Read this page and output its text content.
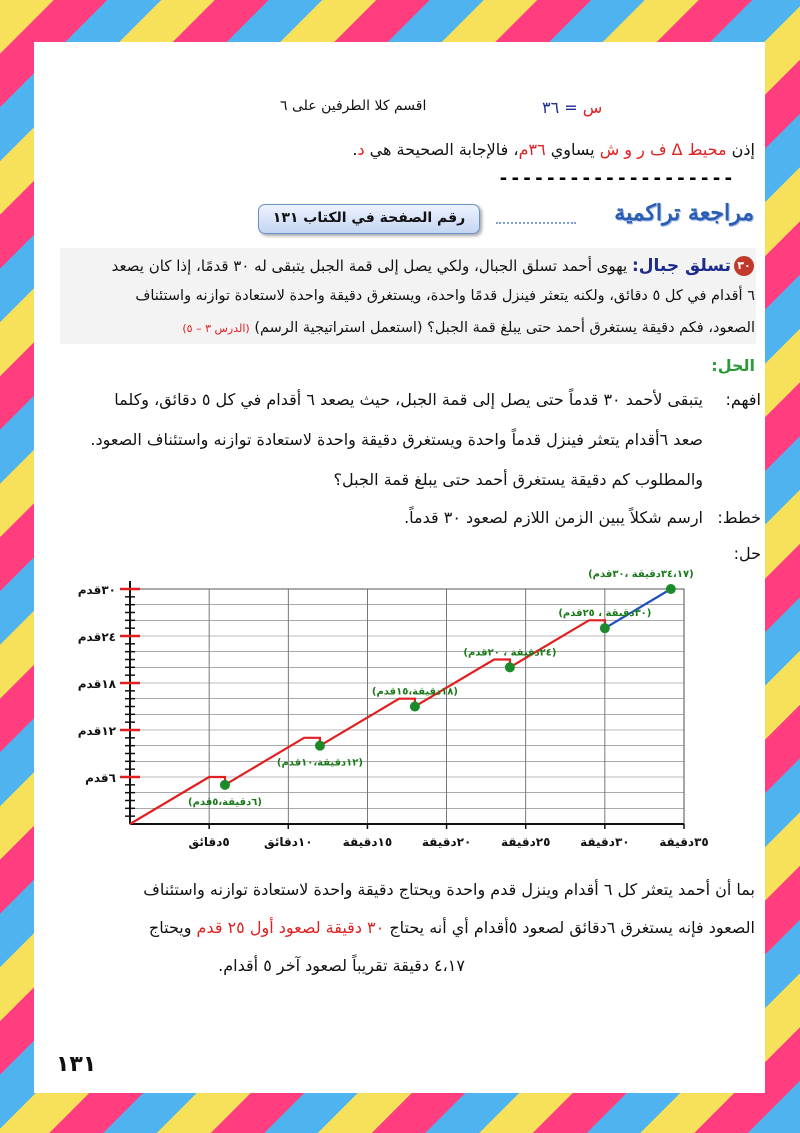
س = ٣٦
اقسم كلا الطرفين على ٦
إذن محيط Δ ف ر و ش يساوي ٣٦م، فالإجابة الصحيحة هي د.
--------------------
مراجعة تراكمية
رقم الصفحة في الكتاب ١٣١
٣٠
تسلق جبال: يهوى أحمد تسلق الجبال، ولكي يصل إلى قمة الجبل يتبقى له ٣٠ قدمًا، إذا كان يصعد
٦ أقدام في كل ٥ دقائق، ولكنه يتعثر فينزل قدمًا واحدة، ويستغرق دقيقة واحدة لاستعادة توازنه واستئناف
الصعود، فكم دقيقة يستغرق أحمد حتى يبلغ قمة الجبل؟ (استعمل استراتيجية الرسم) (الدرس ٣ – ٥)
الحل:
افهم:
يتبقى لأحمد ٣٠ قدماً حتى يصل إلى قمة الجبل، حيث يصعد ٦ أقدام في كل ٥ دقائق، وكلما
صعد ٦أقدام يتعثر فينزل قدماً واحدة ويستغرق دقيقة واحدة لاستعادة توازنه واستئناف الصعود.
والمطلوب كم دقيقة يستغرق أحمد حتى يبلغ قمة الجبل؟
خطط:
ارسم شكلاً يبين الزمن اللازم لصعود ٣٠ قدماً.
حل:
٦قدم
١٢قدم
١٨قدم
٢٤قدم
٣٠قدم
٥دقائق	١٠دقائق	١٥دقيقة ٢٠دقيقة ٢٥دقيقة ٣٠دقيقة ٣٥دقيقة
(٦دقيقة،٥قدم)
(١٢دقيقة،١٠قدم)
(١٨دقيقة،١٥قدم)
(٢٤دقيقة ، ٢٠قدم)
(٣٠دقيقة ، ٢٥قدم)
(٣٤،١٧دقيقة ،٣٠قدم)
بما أن أحمد يتعثر كل ٦ أقدام وينزل قدم واحدة ويحتاج دقيقة واحدة لاستعادة توازنه واستئناف
الصعود فإنه يستغرق ٦دقائق لصعود ٥أقدام أي أنه يحتاج ٣٠ دقيقة لصعود أول ٢٥ قدم ويحتاج
٤،١٧ دقيقة تقريباً لصعود آخر ٥ أقدام.
١٣١
